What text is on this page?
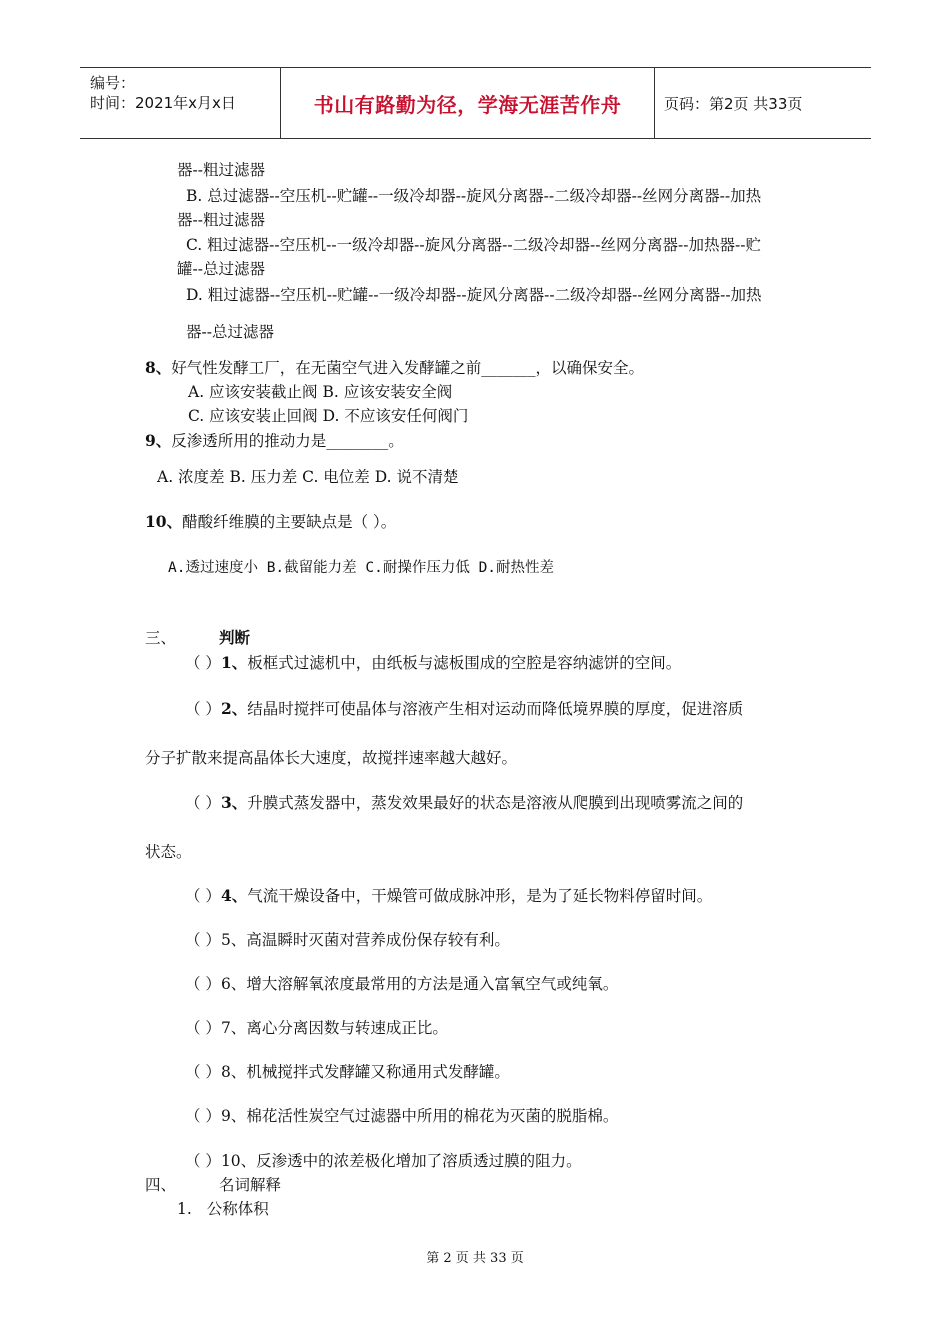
编号：
时间：2021年x月x日	书山有路勤为径，学海无涯苦作舟	页码：第2页 共33页
器--粗过滤器
B. 总过滤器--空压机--贮罐--一级冷却器--旋风分离器--二级冷却器--丝网分离器--加热
器--粗过滤器
C. 粗过滤器--空压机--一级冷却器--旋风分离器--二级冷却器--丝网分离器--加热器--贮
罐--总过滤器
D. 粗过滤器--空压机--贮罐--一级冷却器--旋风分离器--二级冷却器--丝网分离器--加热
器--总过滤器
8、好气性发酵工厂，在无菌空气进入发酵罐之前_______，以确保安全。
A. 应该安装截止阀 B. 应该安装安全阀
C. 应该安装止回阀 D. 不应该安任何阀门
9、反渗透所用的推动力是________。
A. 浓度差 B. 压力差 C. 电位差 D. 说不清楚
10、醋酸纤维膜的主要缺点是（ ）。
A.透过速度小 B.截留能力差 C.耐操作压力低 D.耐热性差
三、	判断
（ ）1、板框式过滤机中，由纸板与滤板围成的空腔是容纳滤饼的空间。
（ ）2、结晶时搅拌可使晶体与溶液产生相对运动而降低境界膜的厚度，促进溶质
分子扩散来提高晶体长大速度，故搅拌速率越大越好。
（ ）3、升膜式蒸发器中，蒸发效果最好的状态是溶液从爬膜到出现喷雾流之间的
状态。
（ ）4、气流干燥设备中，干燥管可做成脉冲形，是为了延长物料停留时间。
（ ）5、高温瞬时灭菌对营养成份保存较有利。
（ ）6、增大溶解氧浓度最常用的方法是通入富氧空气或纯氧。
（ ）7、离心分离因数与转速成正比。
（ ）8、机械搅拌式发酵罐又称通用式发酵罐。
（ ）9、棉花活性炭空气过滤器中所用的棉花为灭菌的脱脂棉。
（ ）10、反渗透中的浓差极化增加了溶质透过膜的阻力。
四、	名词解释
1. 公称体积
第 2 页 共 33 页
